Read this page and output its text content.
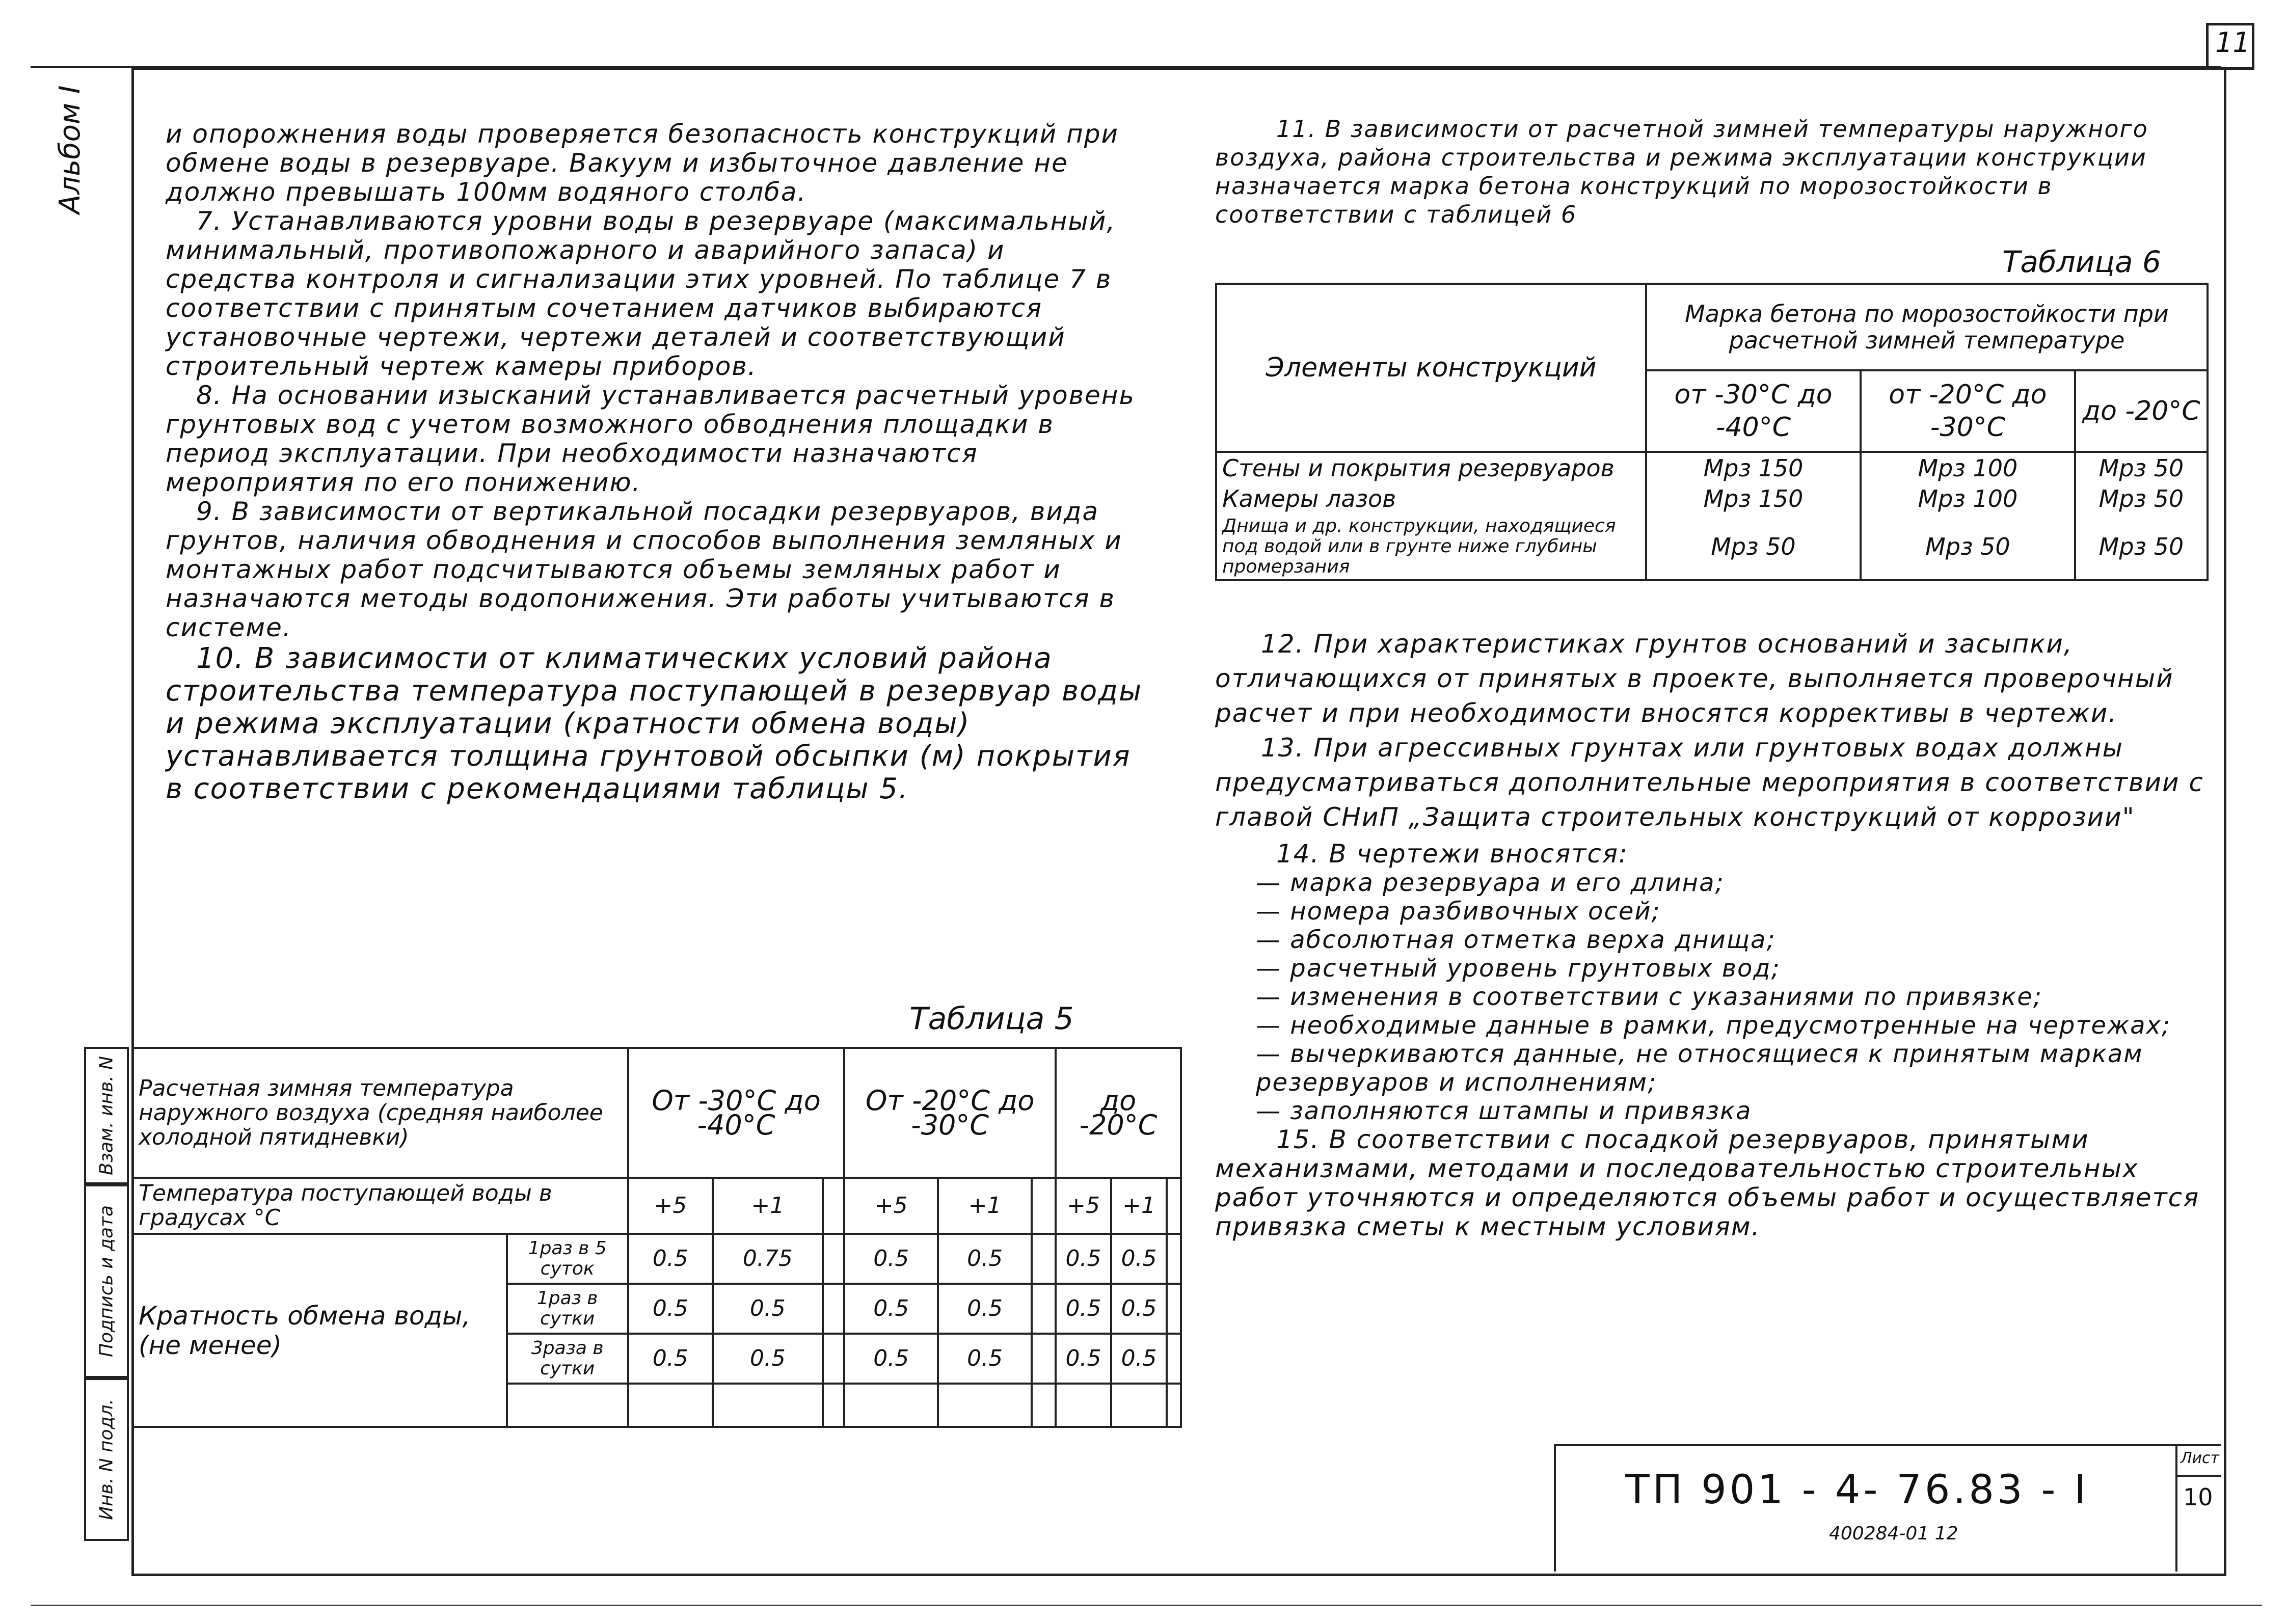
11
Альбом I	и опорожнения воды проверяется безопасность конструкций при обмене воды в резервуаре. Вакуум и избыточное давление не должно превышать 100мм водяного столба.

7. Устанавливаются уровни воды в резервуаре (максимальный, минимальный, противопожарного и аварийного запаса) и средства контроля и сигнализации этих уровней. По таблице 7 в соответствии с принятым сочетанием датчиков выбираются установочные чертежи, чертежи деталей и соответствующий строительный чертеж камеры приборов.

8. На основании изысканий устанавливается расчетный уровень грунтовых вод с учетом возможного обводнения площадки в период эксплуатации. При необходимости назначаются мероприятия по его понижению.

9. В зависимости от вертикальной посадки резервуаров, вида грунтов, наличия обводнения и способов выполнения земляных и монтажных работ подсчитываются объемы земляных работ и назначаются методы водопонижения. Эти работы учитываются в системе.

10. В зависимости от климатических условий района строительства температура поступающей в резервуар воды и режима эксплуатации (кратности обмена воды) устанавливается толщина грунтовой обсыпки (м) покрытия в соответствии с рекомендациями таблицы 5.

Таблица 5
Расчетная зимняя температура наружного воздуха (средняя наиболее холодной пятидневки)		От -30°С до -40°С			От -20°С до -30°С			до -20°С		
Температура поступающей воды в градусах °С		+5	+1		+5	+1		+5	+1	
Кратность обмена воды, (не менее)	1раз в 5 суток	0.5	0.75		0.5	0.5		0.5	0.5	
	1раз в сутки	0.5	0.5		0.5	0.5		0.5	0.5	
	3раза в сутки	0.5	0.5		0.5	0.5		0.5	0.5	

Взам. инв. N
Подпись и дата
Инв. N подл.

11. В зависимости от расчетной зимней температуры наружного воздуха, района строительства и режима эксплуатации конструкции назначается марка бетона конструкций по морозостойкости в соответствии с таблицей 6

Таблица 6
Элементы конструкций	Марка бетона по морозостойкости при расчетной зимней температуре		
	от -30°С до -40°С	от -20°С до -30°С	до -20°С
Стены и покрытия резервуаров	Мрз 150	Мрз 100	Мрз 50
Камеры лазов	Мрз 150	Мрз 100	Мрз 50
Днища и др. конструкции, находящиеся под водой или в грунте ниже глубины промерзания	Мрз 50	Мрз 50	Мрз 50

12. При характеристиках грунтов оснований и засыпки, отличающихся от принятых в проекте, выполняется проверочный расчет и при необходимости вносятся коррективы в чертежи.

13. При агрессивных грунтах или грунтовых водах должны предусматриваться дополнительные мероприятия в соответствии с главой СНиП „Защита строительных конструкций от коррозии"

14. В чертежи вносятся:

— марка резервуара и его длина;
— номера разбивочных осей;
— абсолютная отметка верха днища;
— расчетный уровень грунтовых вод;
— изменения в соответствии с указаниями по привязке;
— необходимые данные в рамки, предусмотренные на чертежах;
— вычеркиваются данные, не относящиеся к принятым маркам резервуаров и исполнениям;
— заполняются штампы и привязка

15. В соответствии с посадкой резервуаров, принятыми механизмами, методами и последовательностью строительных работ уточняются и определяются объемы работ и осуществляется привязка сметы к местным условиям.

ТП 901 - 4- 76.83 - I
Лист
10
400284-01 12
